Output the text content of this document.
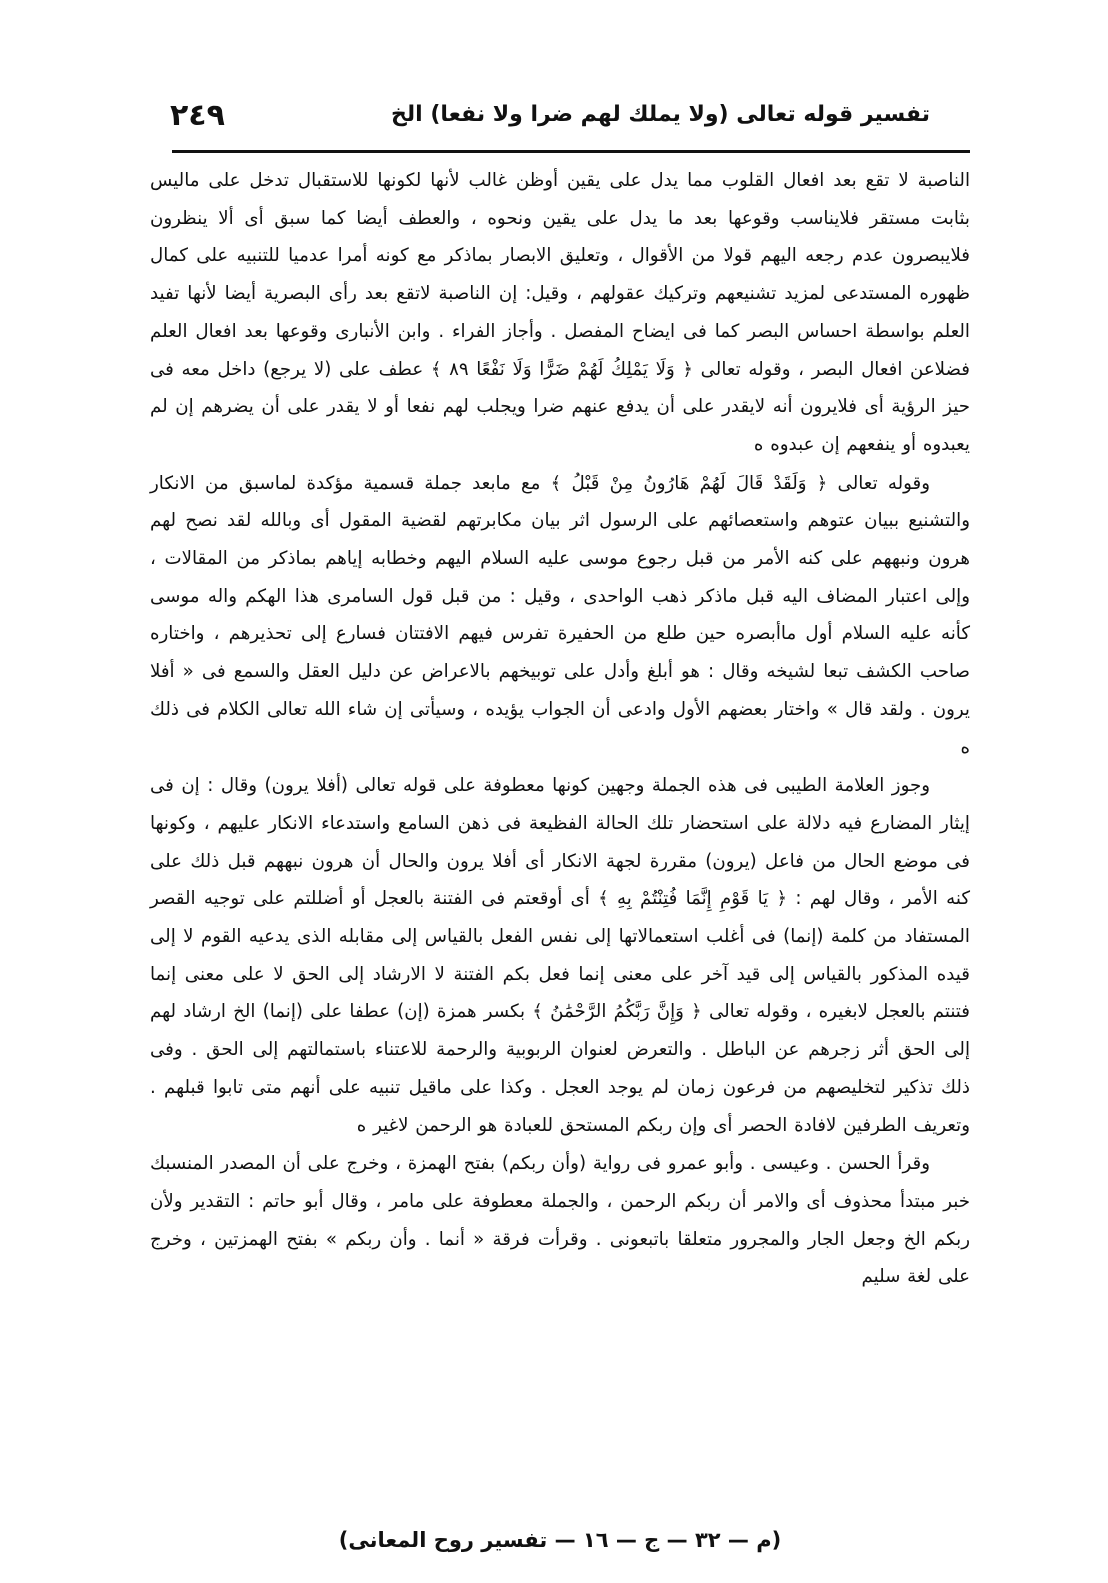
٢٤٩	تفسير قوله تعالى (ولا يملك لهم ضرا ولا نفعا) الخ

الناصبة لا تقع بعد افعال القلوب مما يدل على يقين أوظن غالب لأنها لكونها للاستقبال تدخل على ماليس بثابت مستقر فلايناسب وقوعها بعد ما يدل على يقين ونحوه ، والعطف أيضا كما سبق أى ألا ينظرون فلايبصرون عدم رجعه اليهم قولا من الأقوال ، وتعليق الابصار بماذكر مع كونه أمرا عدميا للتنبيه على كمال ظهوره المستدعى لمزيد تشنيعهم وتركيك عقولهم ، وقيل: إن الناصبة لاتقع بعد رأى البصرية أيضا لأنها تفيد العلم بواسطة احساس البصر كما فى ايضاح المفصل . وأجاز الفراء . وابن الأنبارى وقوعها بعد افعال العلم فضلاعن افعال البصر ، وقوله تعالى ﴿ وَلَا يَمْلِكُ لَهُمْ ضَرًّا وَلَا نَفْعًا ٨٩ ﴾ عطف على (لا يرجع) داخل معه فى حيز الرؤية أى فلايرون أنه لايقدر على أن يدفع عنهم ضرا ويجلب لهم نفعا أو لا يقدر على أن يضرهم إن لم يعبدوه أو ينفعهم إن عبدوه ه

وقوله تعالى ﴿ وَلَقَدْ قَالَ لَهُمْ هَارُونُ مِنْ قَبْلُ ﴾ مع مابعد جملة قسمية مؤكدة لماسبق من الانكار والتشنيع ببيان عتوهم واستعصائهم على الرسول اثر بيان مكابرتهم لقضية المقول أى وبالله لقد نصح لهم هرون ونبههم على كنه الأمر من قبل رجوع موسى عليه السلام اليهم وخطابه إياهم بماذكر من المقالات ، وإلى اعتبار المضاف اليه قبل ماذكر ذهب الواحدى ، وقيل : من قبل قول السامرى هذا الهكم واله موسى كأنه عليه السلام أول ماأبصره حين طلع من الحفيرة تفرس فيهم الافتتان فسارع إلى تحذيرهم ، واختاره صاحب الكشف تبعا لشيخه وقال : هو أبلغ وأدل على توبيخهم بالاعراض عن دليل العقل والسمع فى « أفلا يرون . ولقد قال » واختار بعضهم الأول وادعى أن الجواب يؤيده ، وسيأتى إن شاء الله تعالى الكلام فى ذلك ه

وجوز العلامة الطيبى فى هذه الجملة وجهين كونها معطوفة على قوله تعالى (أفلا يرون) وقال : إن فى إيثار المضارع فيه دلالة على استحضار تلك الحالة الفظيعة فى ذهن السامع واستدعاء الانكار عليهم ، وكونها فى موضع الحال من فاعل (يرون) مقررة لجهة الانكار أى أفلا يرون والحال أن هرون نبههم قبل ذلك على كنه الأمر ، وقال لهم : ﴿ يَا قَوْمِ إِنَّمَا فُتِنْتُمْ بِهِ ﴾ أى أوقعتم فى الفتنة بالعجل أو أضللتم على توجيه القصر المستفاد من كلمة (إنما) فى أغلب استعمالاتها إلى نفس الفعل بالقياس إلى مقابله الذى يدعيه القوم لا إلى قيده المذكور بالقياس إلى قيد آخر على معنى إنما فعل بكم الفتنة لا الارشاد إلى الحق لا على معنى إنما فتنتم بالعجل لابغيره ، وقوله تعالى ﴿ وَإِنَّ رَبَّكُمُ الرَّحْمَٰنُ ﴾ بكسر همزة (إن) عطفا على (إنما) الخ ارشاد لهم إلى الحق أثر زجرهم عن الباطل . والتعرض لعنوان الربوبية والرحمة للاعتناء باستمالتهم إلى الحق . وفى ذلك تذكير لتخليصهم من فرعون زمان لم يوجد العجل . وكذا على ماقيل تنبيه على أنهم متى تابوا قبلهم . وتعريف الطرفين لافادة الحصر أى وإن ربكم المستحق للعبادة هو الرحمن لاغير ه

وقرأ الحسن . وعيسى . وأبو عمرو فى رواية (وأن ربكم) بفتح الهمزة ، وخرج على أن المصدر المنسبك خبر مبتدأ محذوف أى والامر أن ربكم الرحمن ، والجملة معطوفة على مامر ، وقال أبو حاتم : التقدير ولأن ربكم الخ وجعل الجار والمجرور متعلقا باتبعونى . وقرأت فرقة « أنما . وأن ربكم » بفتح الهمزتين ، وخرج على لغة سليم

(م — ٣٢ — ج — ١٦ — تفسير روح المعانى)
